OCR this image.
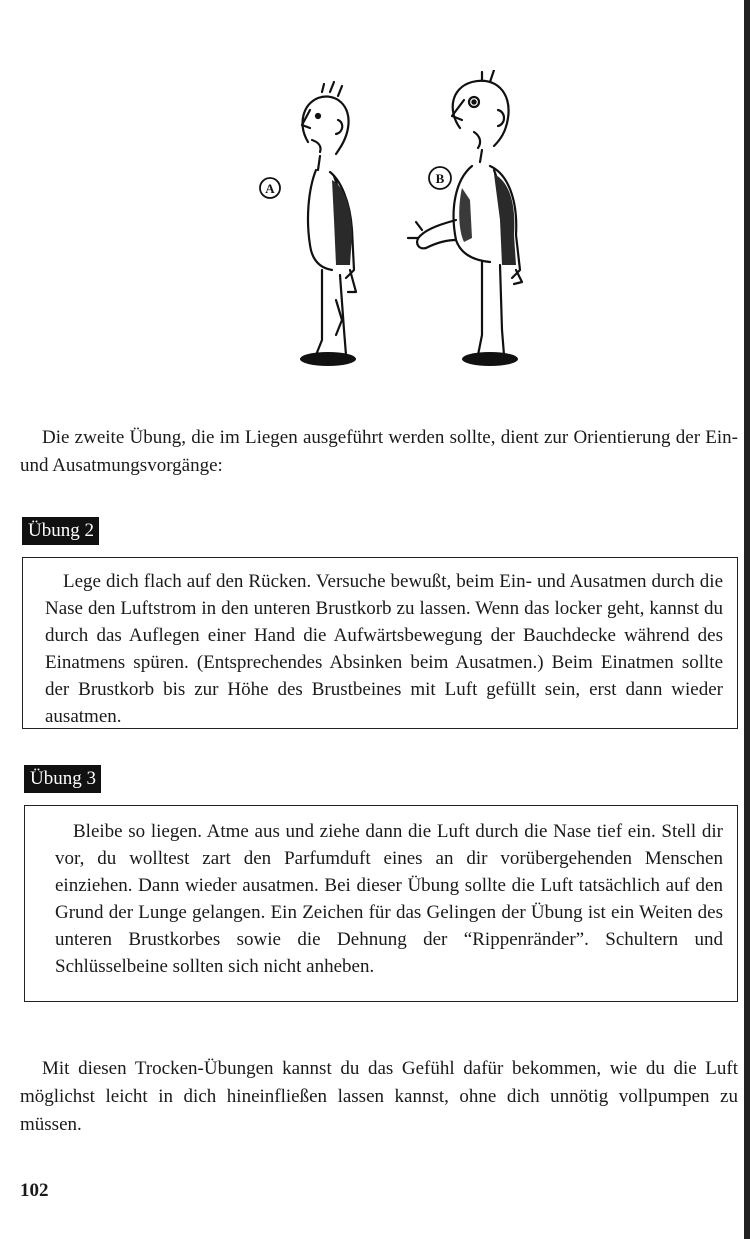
A
B

Die zweite Übung, die im Liegen ausgeführt werden sollte, dient zur Orientierung der Ein-und Ausatmungsvorgänge:

Übung 2

Lege dich flach auf den Rücken. Versuche bewußt, beim Ein- und Ausatmen durch die Nase den Luftstrom in den unteren Brustkorb zu lassen. Wenn das locker geht, kannst du durch das Auflegen einer Hand die Aufwärtsbewegung der Bauchdecke während des Einatmens spüren. (Entsprechendes Absinken beim Ausatmen.) Beim Einatmen sollte der Brustkorb bis zur Höhe des Brustbeines mit Luft gefüllt sein, erst dann wieder ausatmen.

Übung 3

Bleibe so liegen. Atme aus und ziehe dann die Luft durch die Nase tief ein. Stell dir vor, du wolltest zart den Parfumduft eines an dir vorübergehenden Menschen einziehen. Dann wieder ausatmen. Bei dieser Übung sollte die Luft tatsächlich auf den Grund der Lunge gelangen. Ein Zeichen für das Gelingen der Übung ist ein Weiten des unteren Brustkorbes sowie die Dehnung der “Rippenränder”. Schultern und Schlüsselbeine sollten sich nicht anheben.

Mit diesen Trocken-Übungen kannst du das Gefühl dafür bekommen, wie du die Luft möglichst leicht in dich hineinfließen lassen kannst, ohne dich unnötig vollpumpen zu müssen.

102
